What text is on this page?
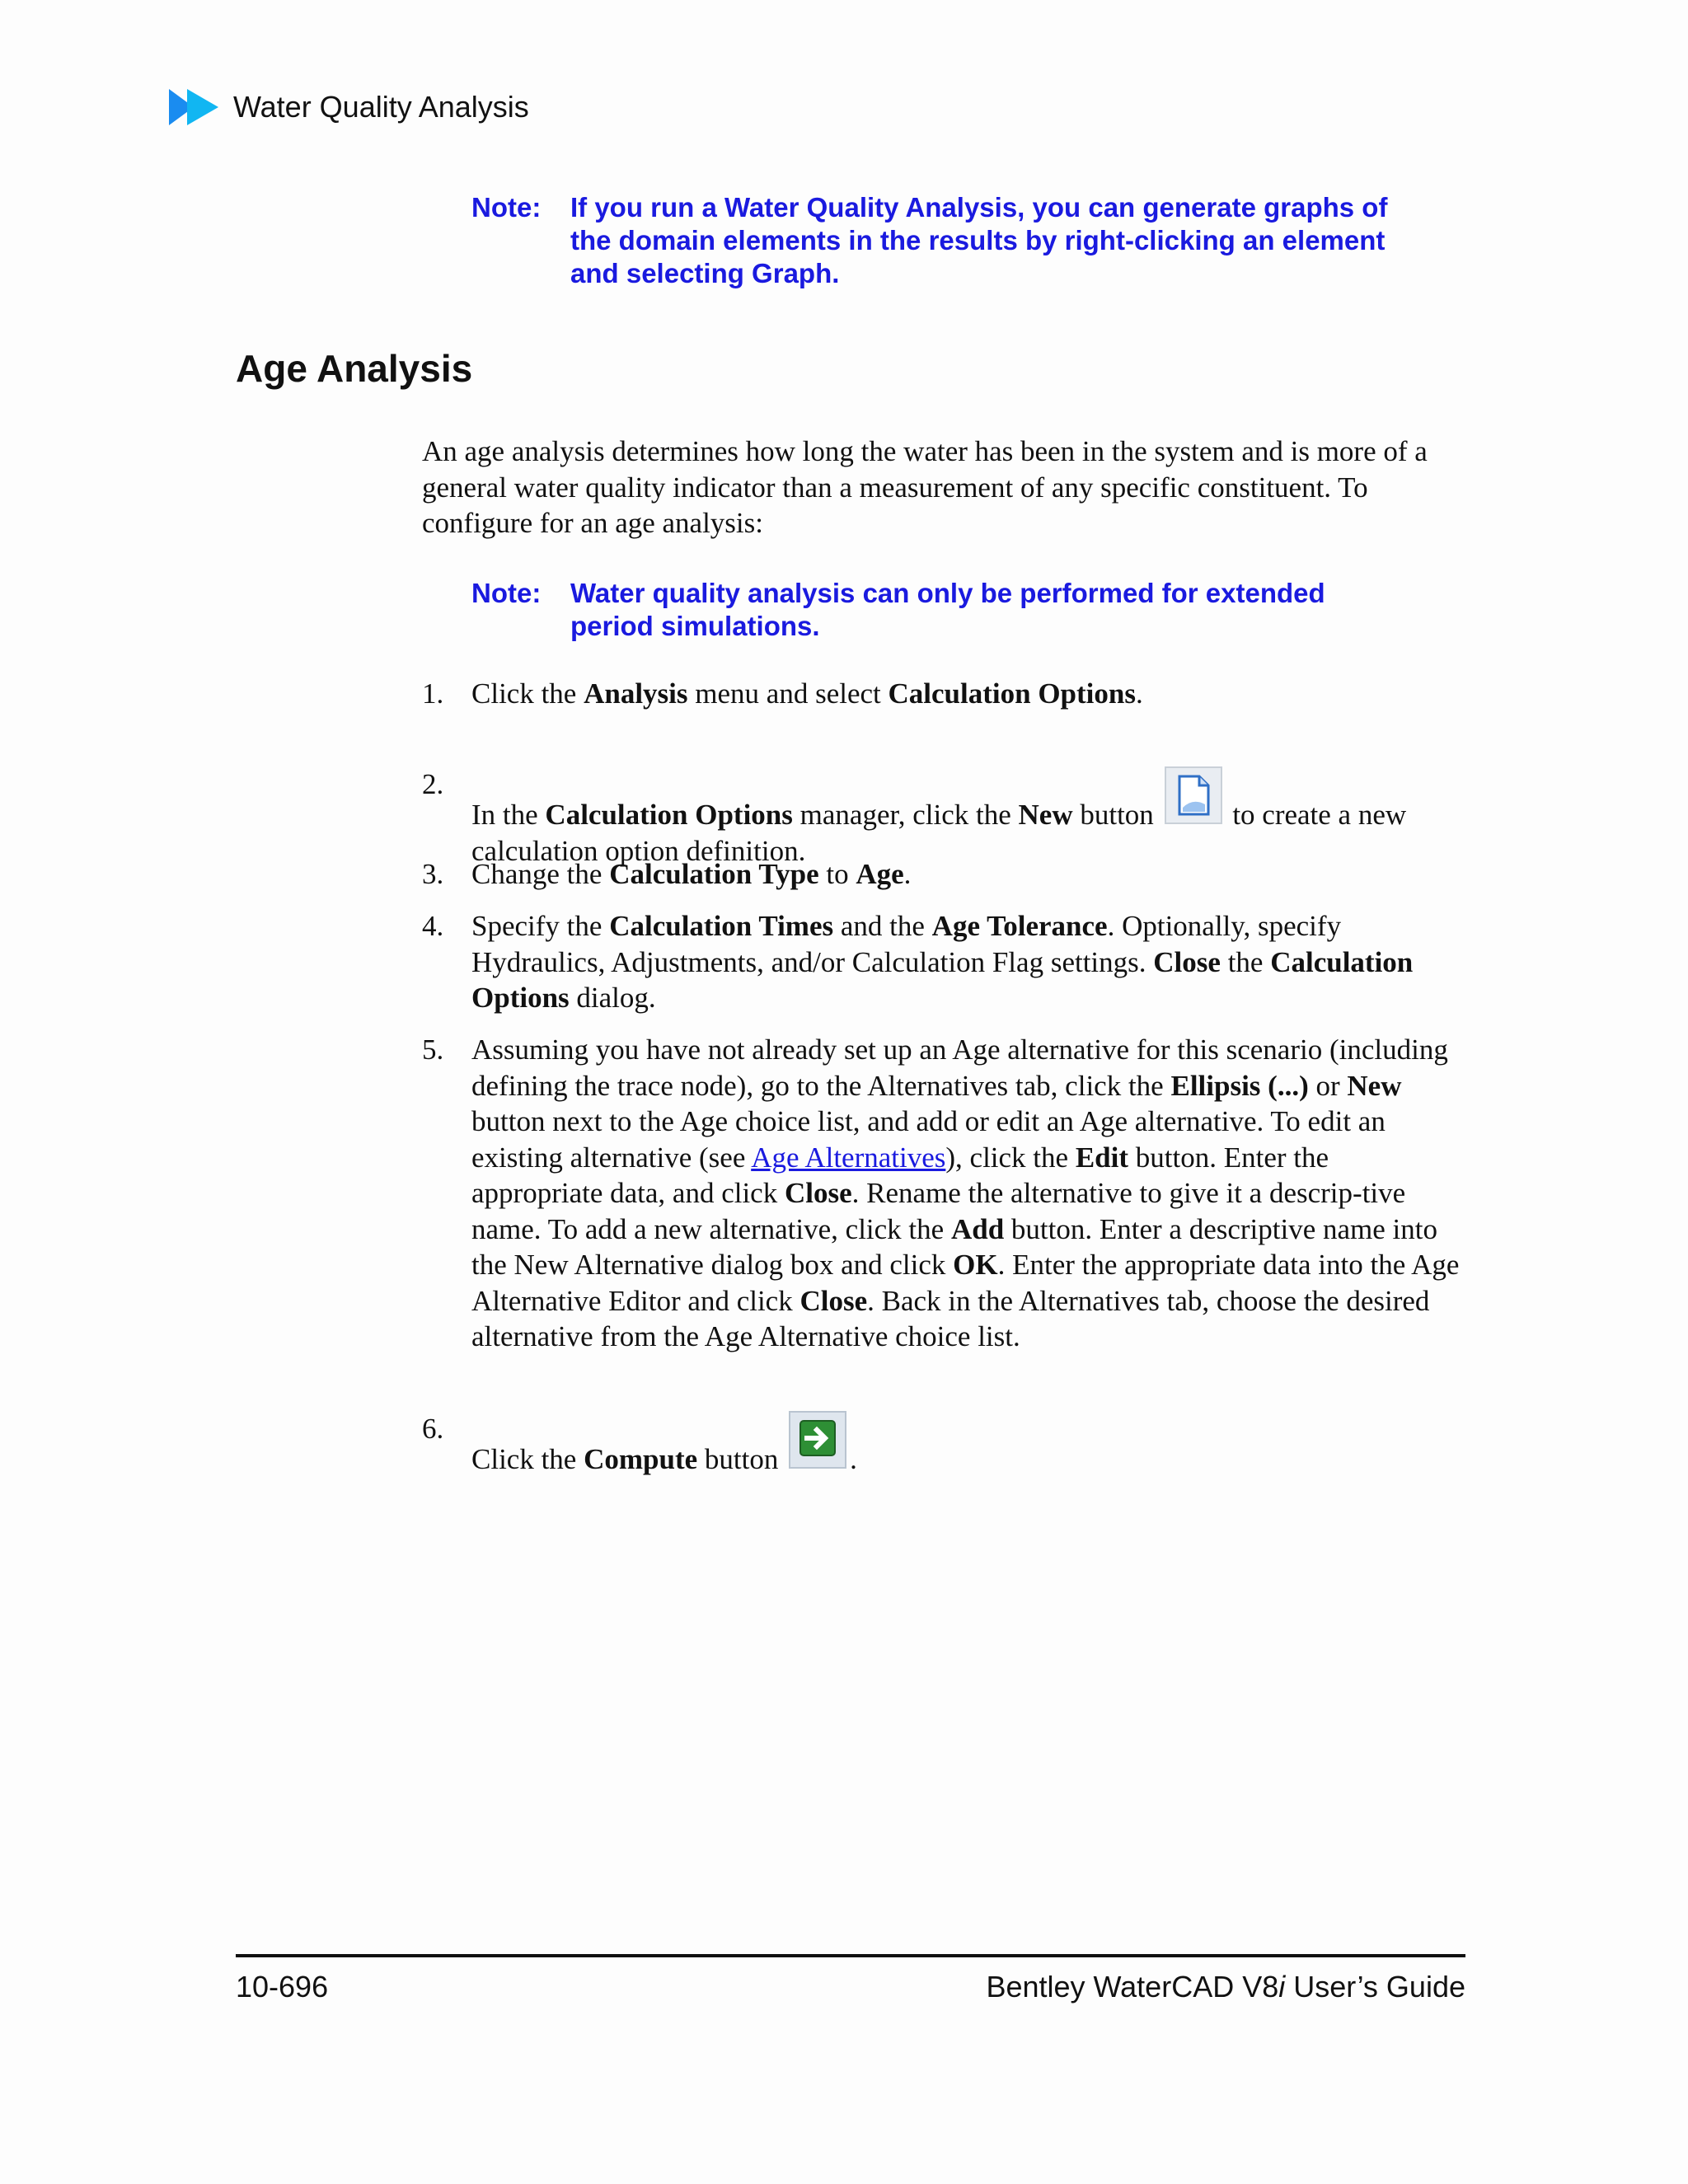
Water Quality Analysis
Note:	If you run a Water Quality Analysis, you can generate graphs of the domain elements in the results by right-clicking an element and selecting Graph.
Age Analysis

An age analysis determines how long the water has been in the system and is more of a general water quality indicator than a measurement of any specific constituent. To configure for an age analysis:

Note:	Water quality analysis can only be performed for extended period simulations.
1. Click the Analysis menu and select Calculation Options.
2.
In the Calculation Options manager, click the New button  to create a new calculation option definition.
3. Change the Calculation Type to Age.
4. Specify the Calculation Times and the Age Tolerance. Optionally, specify Hydraulics, Adjustments, and/or Calculation Flag settings. Close the Calculation Options dialog.
5. Assuming you have not already set up an Age alternative for this scenario (including defining the trace node), go to the Alternatives tab, click the Ellipsis (...) or New button next to the Age choice list, and add or edit an Age alternative. To edit an existing alternative (see Age Alternatives), click the Edit button. Enter the appropriate data, and click Close. Rename the alternative to give it a descrip-tive name. To add a new alternative, click the Add button. Enter a descriptive name into the New Alternative dialog box and click OK. Enter the appropriate data into the Age Alternative Editor and click Close. Back in the Alternatives tab, choose the desired alternative from the Age Alternative choice list.
6.
Click the Compute button .
10-696	Bentley WaterCAD V8i User’s Guide
